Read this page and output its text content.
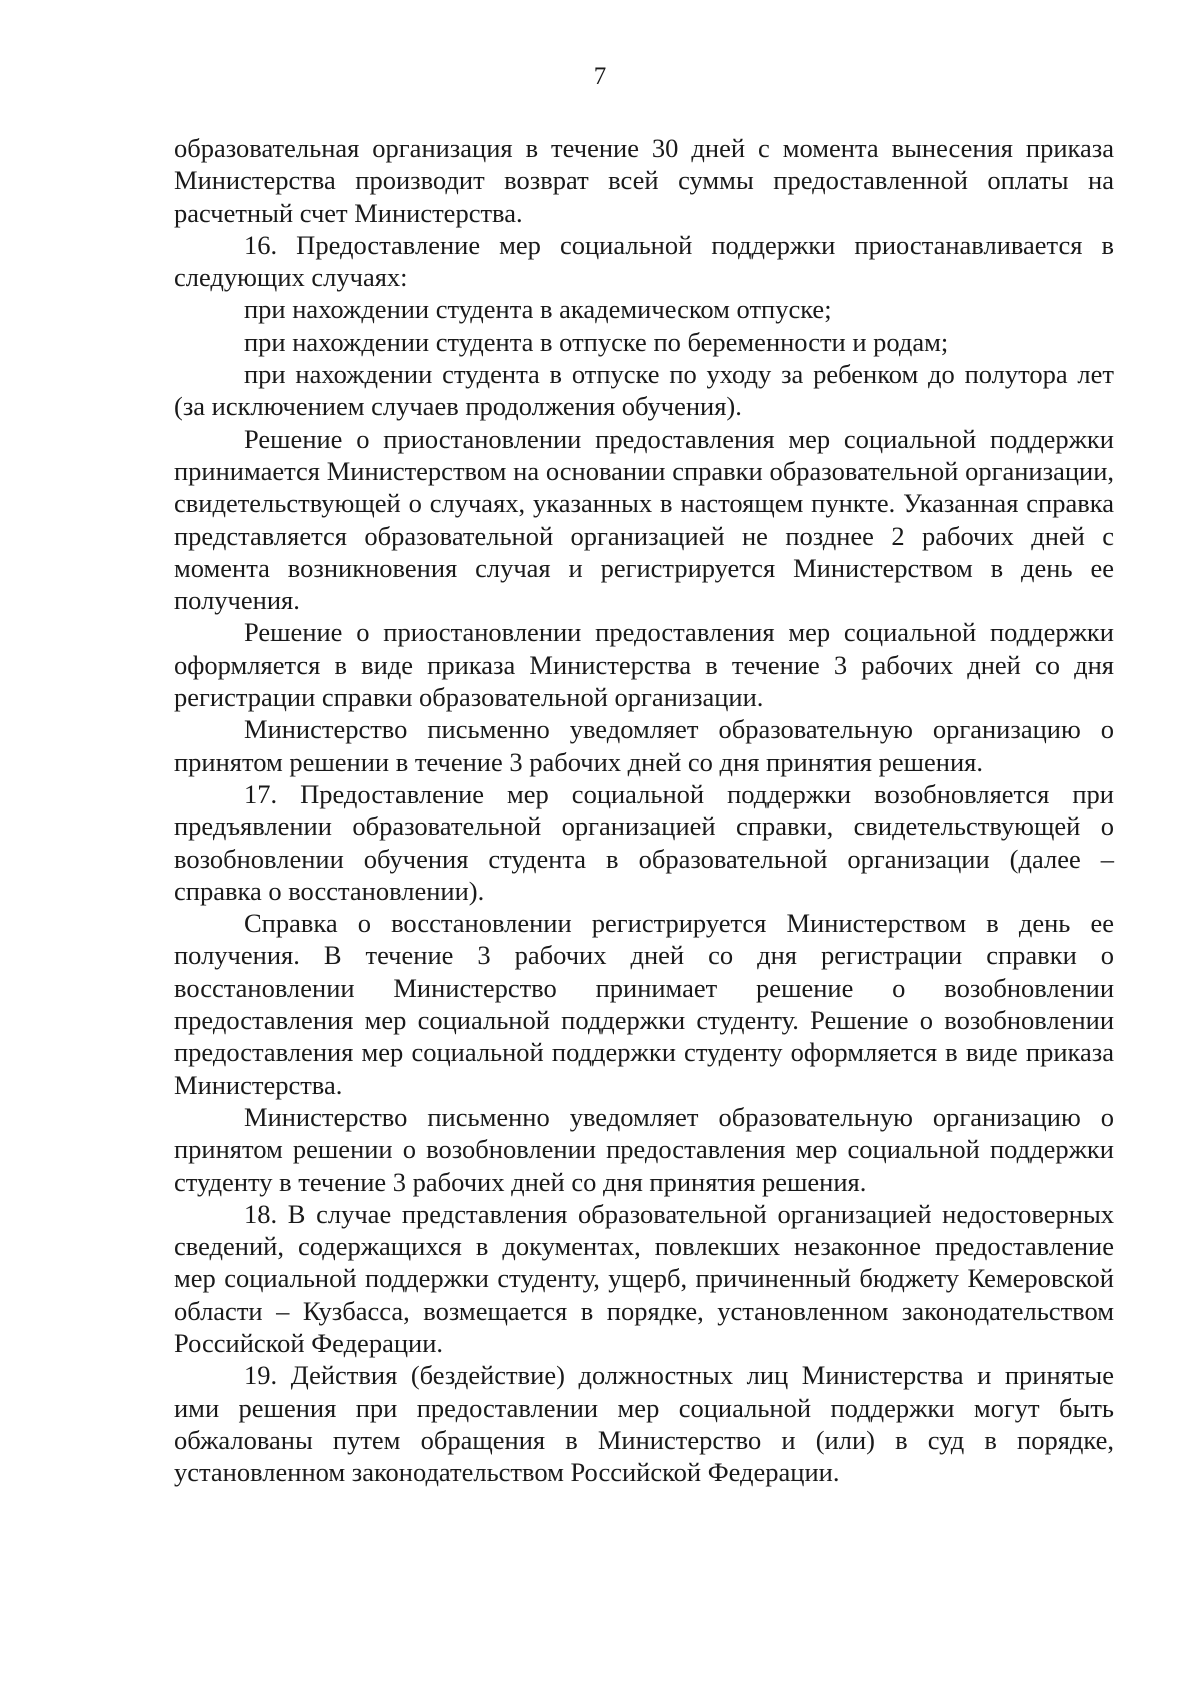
7

образовательная организация в течение 30 дней с момента вынесения приказа Министерства производит возврат всей суммы предоставленной оплаты на расчетный счет Министерства.

16. Предоставление мер социальной поддержки приостанавливается в следующих случаях:

при нахождении студента в академическом отпуске;

при нахождении студента в отпуске по беременности и родам;

при нахождении студента в отпуске по уходу за ребенком до полутора лет (за исключением случаев продолжения обучения).

Решение о приостановлении предоставления мер социальной поддержки принимается Министерством на основании справки образовательной организации, свидетельствующей о случаях, указанных в настоящем пункте. Указанная справка представляется образовательной организацией не позднее 2 рабочих дней с момента возникновения случая и регистрируется Министерством в день ее получения.

Решение о приостановлении предоставления мер социальной поддержки оформляется в виде приказа Министерства в течение 3 рабочих дней со дня регистрации справки образовательной организации.

Министерство письменно уведомляет образовательную организацию о принятом решении в течение 3 рабочих дней со дня принятия решения.

17. Предоставление мер социальной поддержки возобновляется при предъявлении образовательной организацией справки, свидетельствующей о возобновлении обучения студента в образовательной организации (далее – справка о восстановлении).

Справка о восстановлении регистрируется Министерством в день ее получения. В течение 3 рабочих дней со дня регистрации справки о восстановлении Министерство принимает решение о возобновлении предоставления мер социальной поддержки студенту. Решение о возобновлении предоставления мер социальной поддержки студенту оформляется в виде приказа Министерства.

Министерство письменно уведомляет образовательную организацию о принятом решении о возобновлении предоставления мер социальной поддержки студенту в течение 3 рабочих дней со дня принятия решения.

18. В случае представления образовательной организацией недостоверных сведений, содержащихся в документах, повлекших незаконное предоставление мер социальной поддержки студенту, ущерб, причиненный бюджету Кемеровской области – Кузбасса, возмещается в порядке, установленном законодательством Российской Федерации.

19. Действия (бездействие) должностных лиц Министерства и принятые ими решения при предоставлении мер социальной поддержки могут быть обжалованы путем обращения в Министерство и (или) в суд в порядке, установленном законодательством Российской Федерации.
